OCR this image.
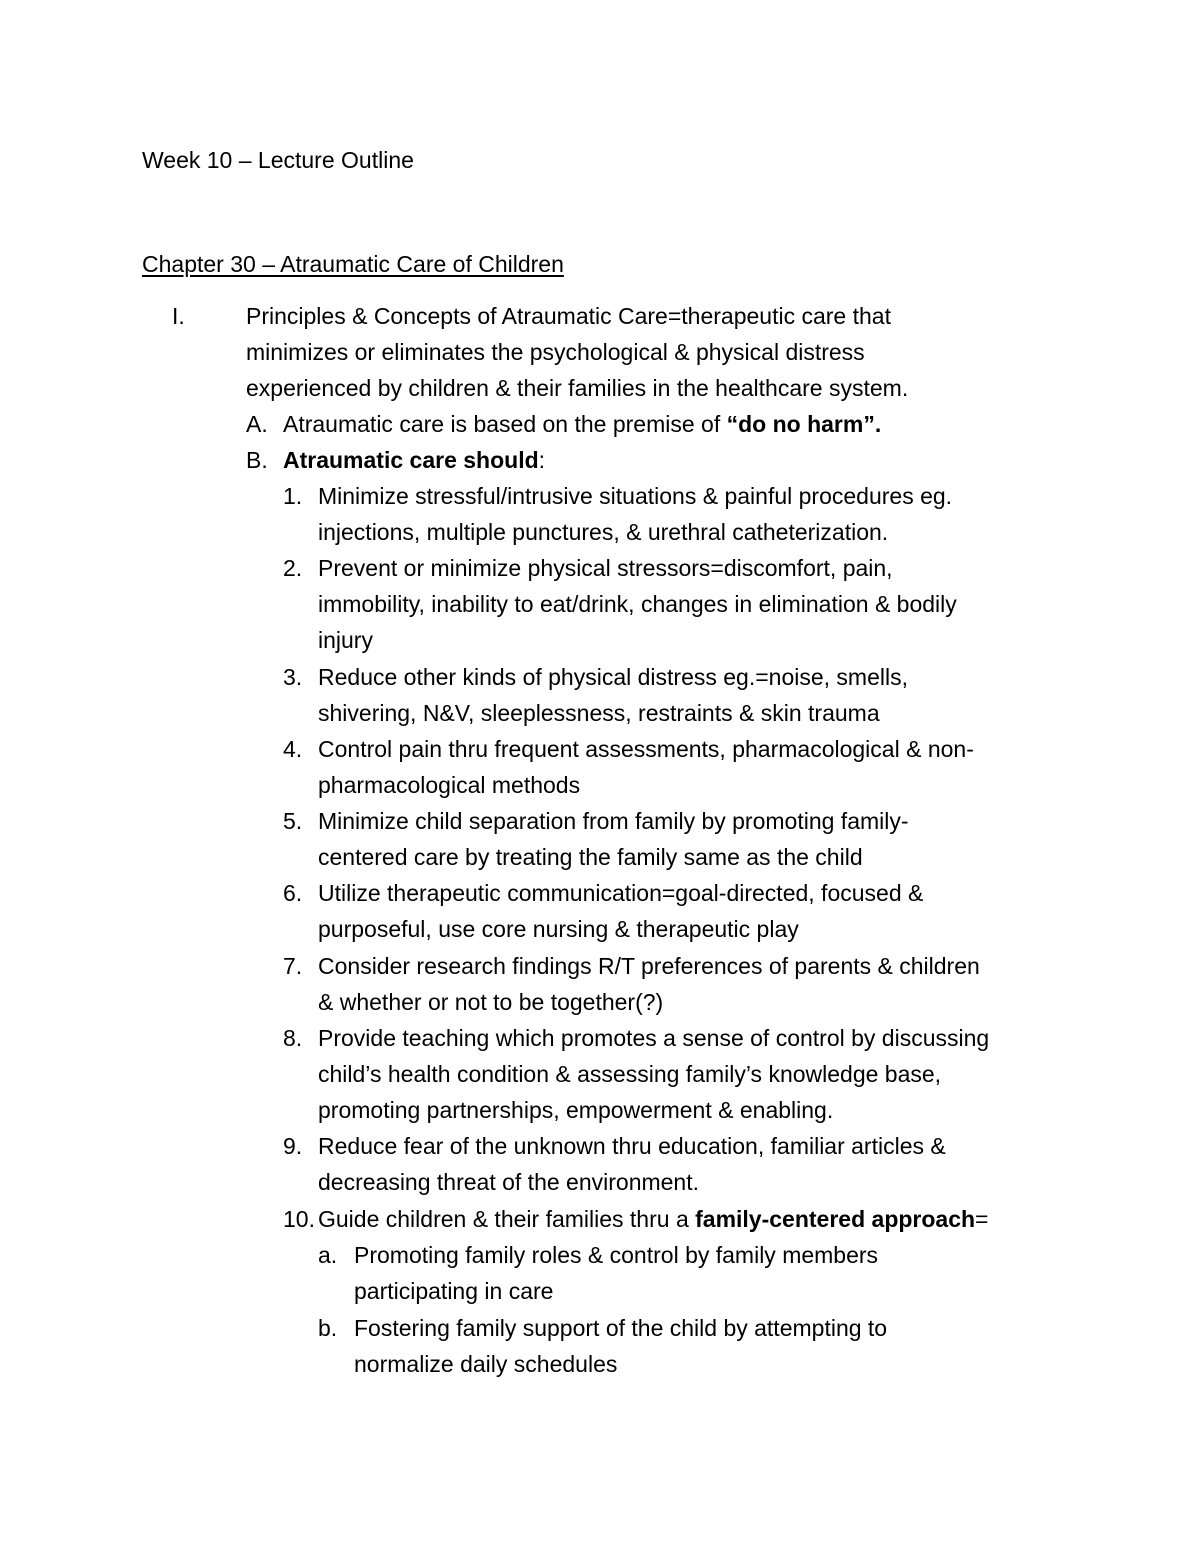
Week 10 – Lecture Outline
Chapter 30 – Atraumatic Care of Children
I.	Principles & Concepts of Atraumatic Care=therapeutic care that
minimizes or eliminates the psychological & physical distress
experienced by children & their families in the healthcare system.
A. Atraumatic care is based on the premise of “do no harm”.
B. Atraumatic care should:
1. Minimize stressful/intrusive situations & painful procedures eg.
injections, multiple punctures, & urethral catheterization.
2. Prevent or minimize physical stressors=discomfort, pain,
immobility, inability to eat/drink, changes in elimination & bodily
injury
3. Reduce other kinds of physical distress eg.=noise, smells,
shivering, N&V, sleeplessness, restraints & skin trauma
4. Control pain thru frequent assessments, pharmacological & non-
pharmacological methods
5. Minimize child separation from family by promoting family-
centered care by treating the family same as the child
6. Utilize therapeutic communication=goal-directed, focused &
purposeful, use core nursing & therapeutic play
7. Consider research findings R/T preferences of parents & children
& whether or not to be together(?)
8. Provide teaching which promotes a sense of control by discussing
child’s health condition & assessing family’s knowledge base,
promoting partnerships, empowerment & enabling.
9. Reduce fear of the unknown thru education, familiar articles &
decreasing threat of the environment.
10. Guide children & their families thru a family-centered approach=
a. Promoting family roles & control by family members
participating in care
b. Fostering family support of the child by attempting to
normalize daily schedules
